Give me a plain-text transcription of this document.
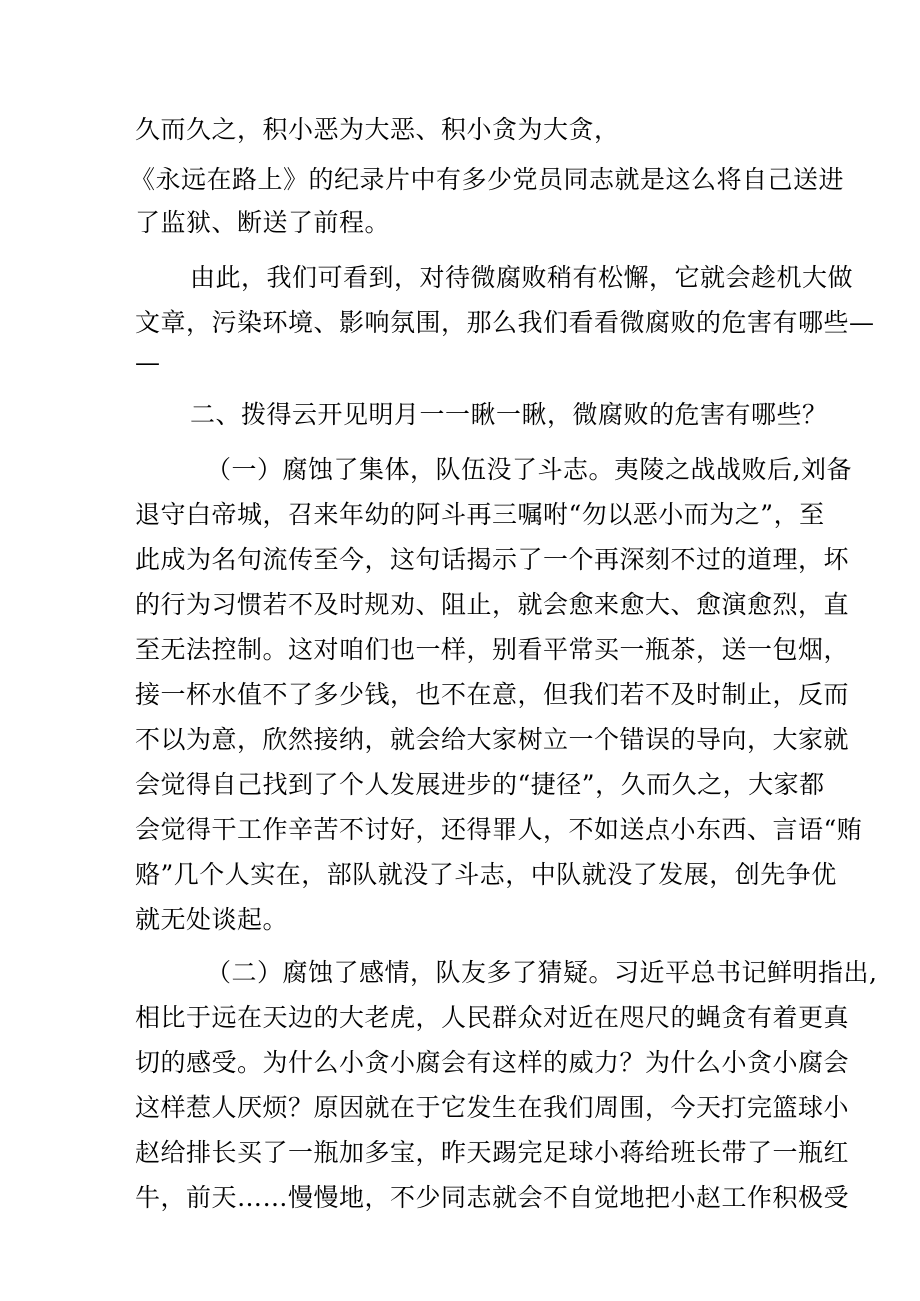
久而久之，积小恶为大恶、积小贪为大贪，
《永远在路上》的纪录片中有多少党员同志就是这么将自己送进
了监狱、断送了前程。
由此，我们可看到，对待微腐败稍有松懈，它就会趁机大做
文章，污染环境、影响氛围，那么我们看看微腐败的危害有哪些—
—
二、拨得云开见明月一一瞅一瞅，微腐败的危害有哪些？
（一）腐蚀了集体，队伍没了斗志。夷陵之战战败后,刘备
退守白帝城，召来年幼的阿斗再三嘱咐“勿以恶小而为之”，至
此成为名句流传至今，这句话揭示了一个再深刻不过的道理，坏
的行为习惯若不及时规劝、阻止，就会愈来愈大、愈演愈烈，直
至无法控制。这对咱们也一样，别看平常买一瓶茶，送一包烟，
接一杯水值不了多少钱，也不在意，但我们若不及时制止，反而
不以为意，欣然接纳，就会给大家树立一个错误的导向，大家就
会觉得自己找到了个人发展进步的“捷径”，久而久之，大家都
会觉得干工作辛苦不讨好，还得罪人，不如送点小东西、言语“贿
赂”几个人实在，部队就没了斗志，中队就没了发展，创先争优
就无处谈起。
（二）腐蚀了感情，队友多了猜疑。习近平总书记鲜明指出,
相比于远在天边的大老虎，人民群众对近在咫尺的蝇贪有着更真
切的感受。为什么小贪小腐会有这样的威力？为什么小贪小腐会
这样惹人厌烦？原因就在于它发生在我们周围，今天打完篮球小
赵给排长买了一瓶加多宝，昨天踢完足球小蒋给班长带了一瓶红
牛，前天……慢慢地，不少同志就会不自觉地把小赵工作积极受
